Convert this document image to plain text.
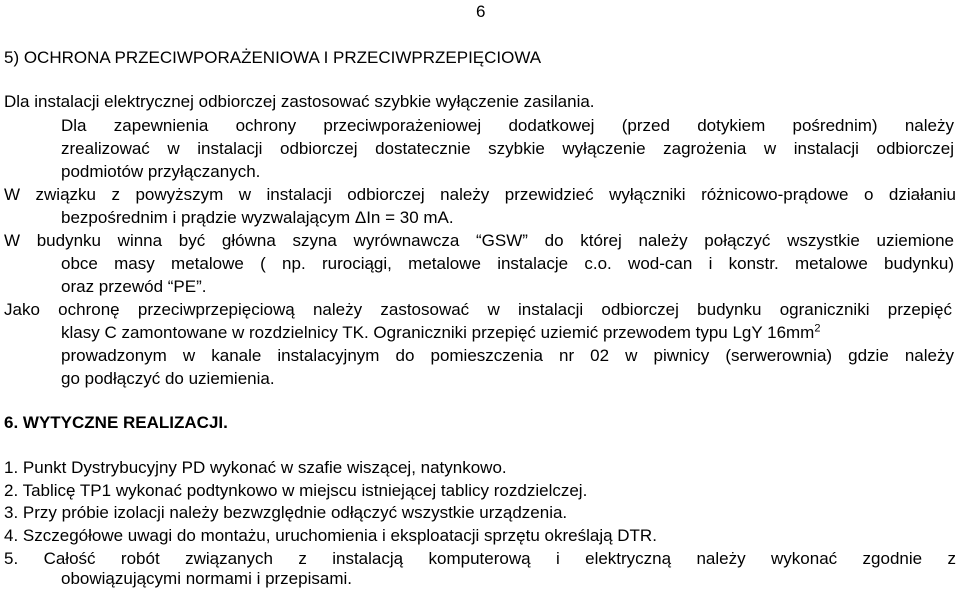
6
5) OCHRONA PRZECIWPORAŻENIOWA I PRZECIWPRZEPIĘCIOWA
Dla instalacji elektrycznej odbiorczej zastosować szybkie wyłączenie zasilania.
Dla zapewnienia ochrony przeciwporażeniowej dodatkowej (przed dotykiem pośrednim) należy
zrealizować w instalacji odbiorczej dostatecznie szybkie wyłączenie zagrożenia w instalacji odbiorczej
podmiotów przyłączanych.
W związku z powyższym w instalacji odbiorczej należy przewidzieć wyłączniki różnicowo-prądowe o działaniu
bezpośrednim i prądzie wyzwalającym ΔIn = 30 mA.
W budynku winna być główna szyna wyrównawcza “GSW” do której należy połączyć wszystkie uziemione
obce masy metalowe ( np. rurociągi, metalowe instalacje c.o. wod-can i konstr. metalowe budynku)
oraz przewód “PE”.
Jako ochronę przeciwprzepięciową należy zastosować w instalacji odbiorczej budynku ograniczniki przepięć
klasy C zamontowane w rozdzielnicy TK. Ograniczniki przepięć uziemić przewodem typu LgY $16mm^2$
prowadzonym w kanale instalacyjnym do pomieszczenia nr 02 w piwnicy (serwerownia) gdzie należy
go podłączyć do uziemienia.
6. WYTYCZNE REALIZACJI.
1. Punkt Dystrybucyjny PD wykonać w szafie wiszącej, natynkowo.
2. Tablicę TP1 wykonać podtynkowo w miejscu istniejącej tablicy rozdzielczej.
3. Przy próbie izolacji należy bezwzględnie odłączyć wszystkie urządzenia.
4. Szczegółowe uwagi do montażu, uruchomienia i eksploatacji sprzętu określają DTR.
5. Całość robót związanych z instalacją komputerową i elektryczną należy wykonać zgodnie z
obowiązującymi normami i przepisami.
